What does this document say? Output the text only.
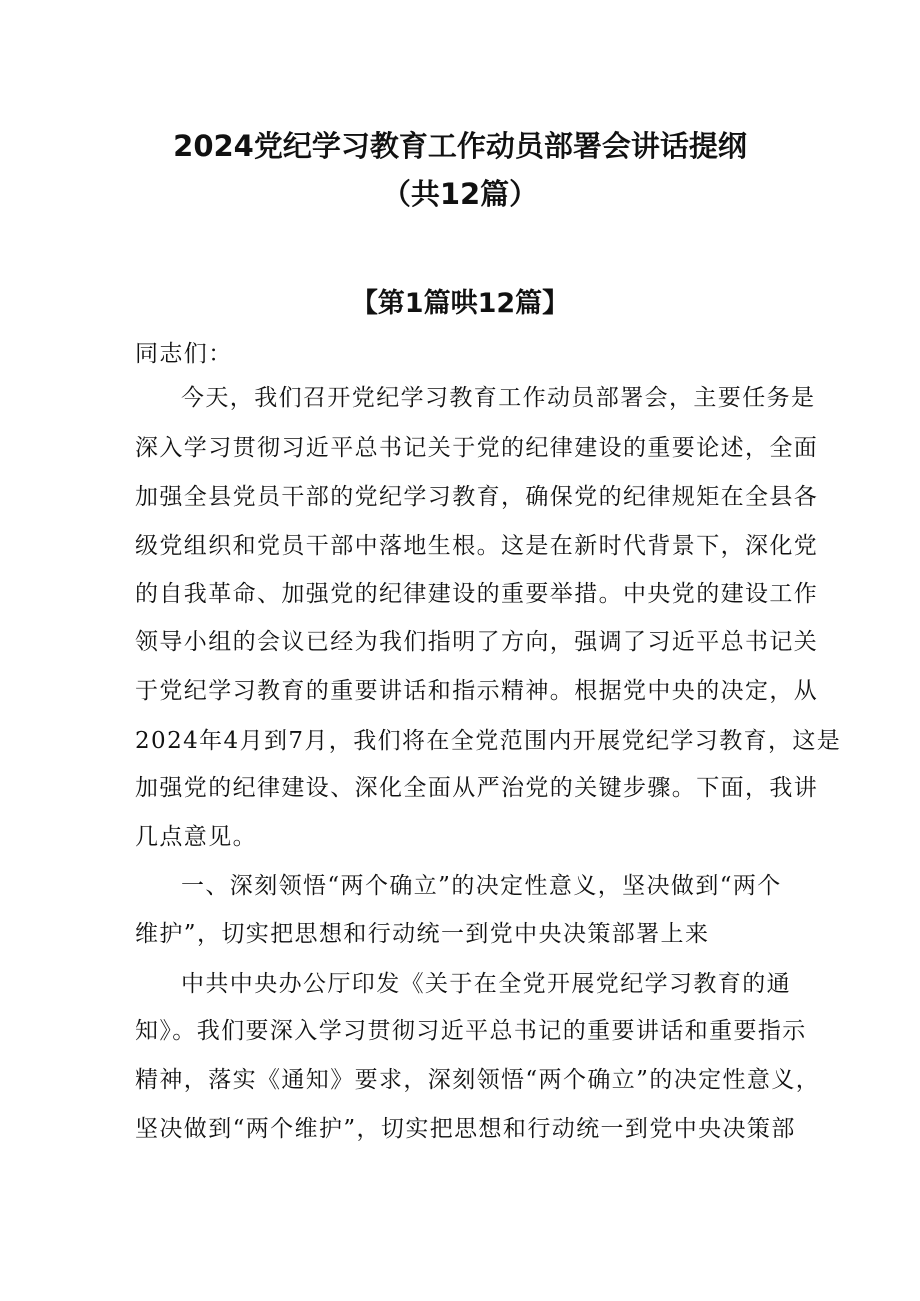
2024党纪学习教育工作动员部署会讲话提纲
（共12篇）
【第1篇哄12篇】
同志们：
今天，我们召开党纪学习教育工作动员部署会，主要任务是
深入学习贯彻习近平总书记关于党的纪律建设的重要论述，全面
加强全县党员干部的党纪学习教育，确保党的纪律规矩在全县各
级党组织和党员干部中落地生根。这是在新时代背景下，深化党
的自我革命、加强党的纪律建设的重要举措。中央党的建设工作
领导小组的会议已经为我们指明了方向，强调了习近平总书记关
于党纪学习教育的重要讲话和指示精神。根据党中央的决定，从
2024年4月到7月，我们将在全党范围内开展党纪学习教育，这是
加强党的纪律建设、深化全面从严治党的关键步骤。下面，我讲
几点意见。
一、深刻领悟“两个确立”的决定性意义，坚决做到“两个
维护”，切实把思想和行动统一到党中央决策部署上来
中共中央办公厅印发《关于在全党开展党纪学习教育的通
知》。我们要深入学习贯彻习近平总书记的重要讲话和重要指示
精神，落实《通知》要求，深刻领悟“两个确立”的决定性意义，
坚决做到“两个维护”，切实把思想和行动统一到党中央决策部
